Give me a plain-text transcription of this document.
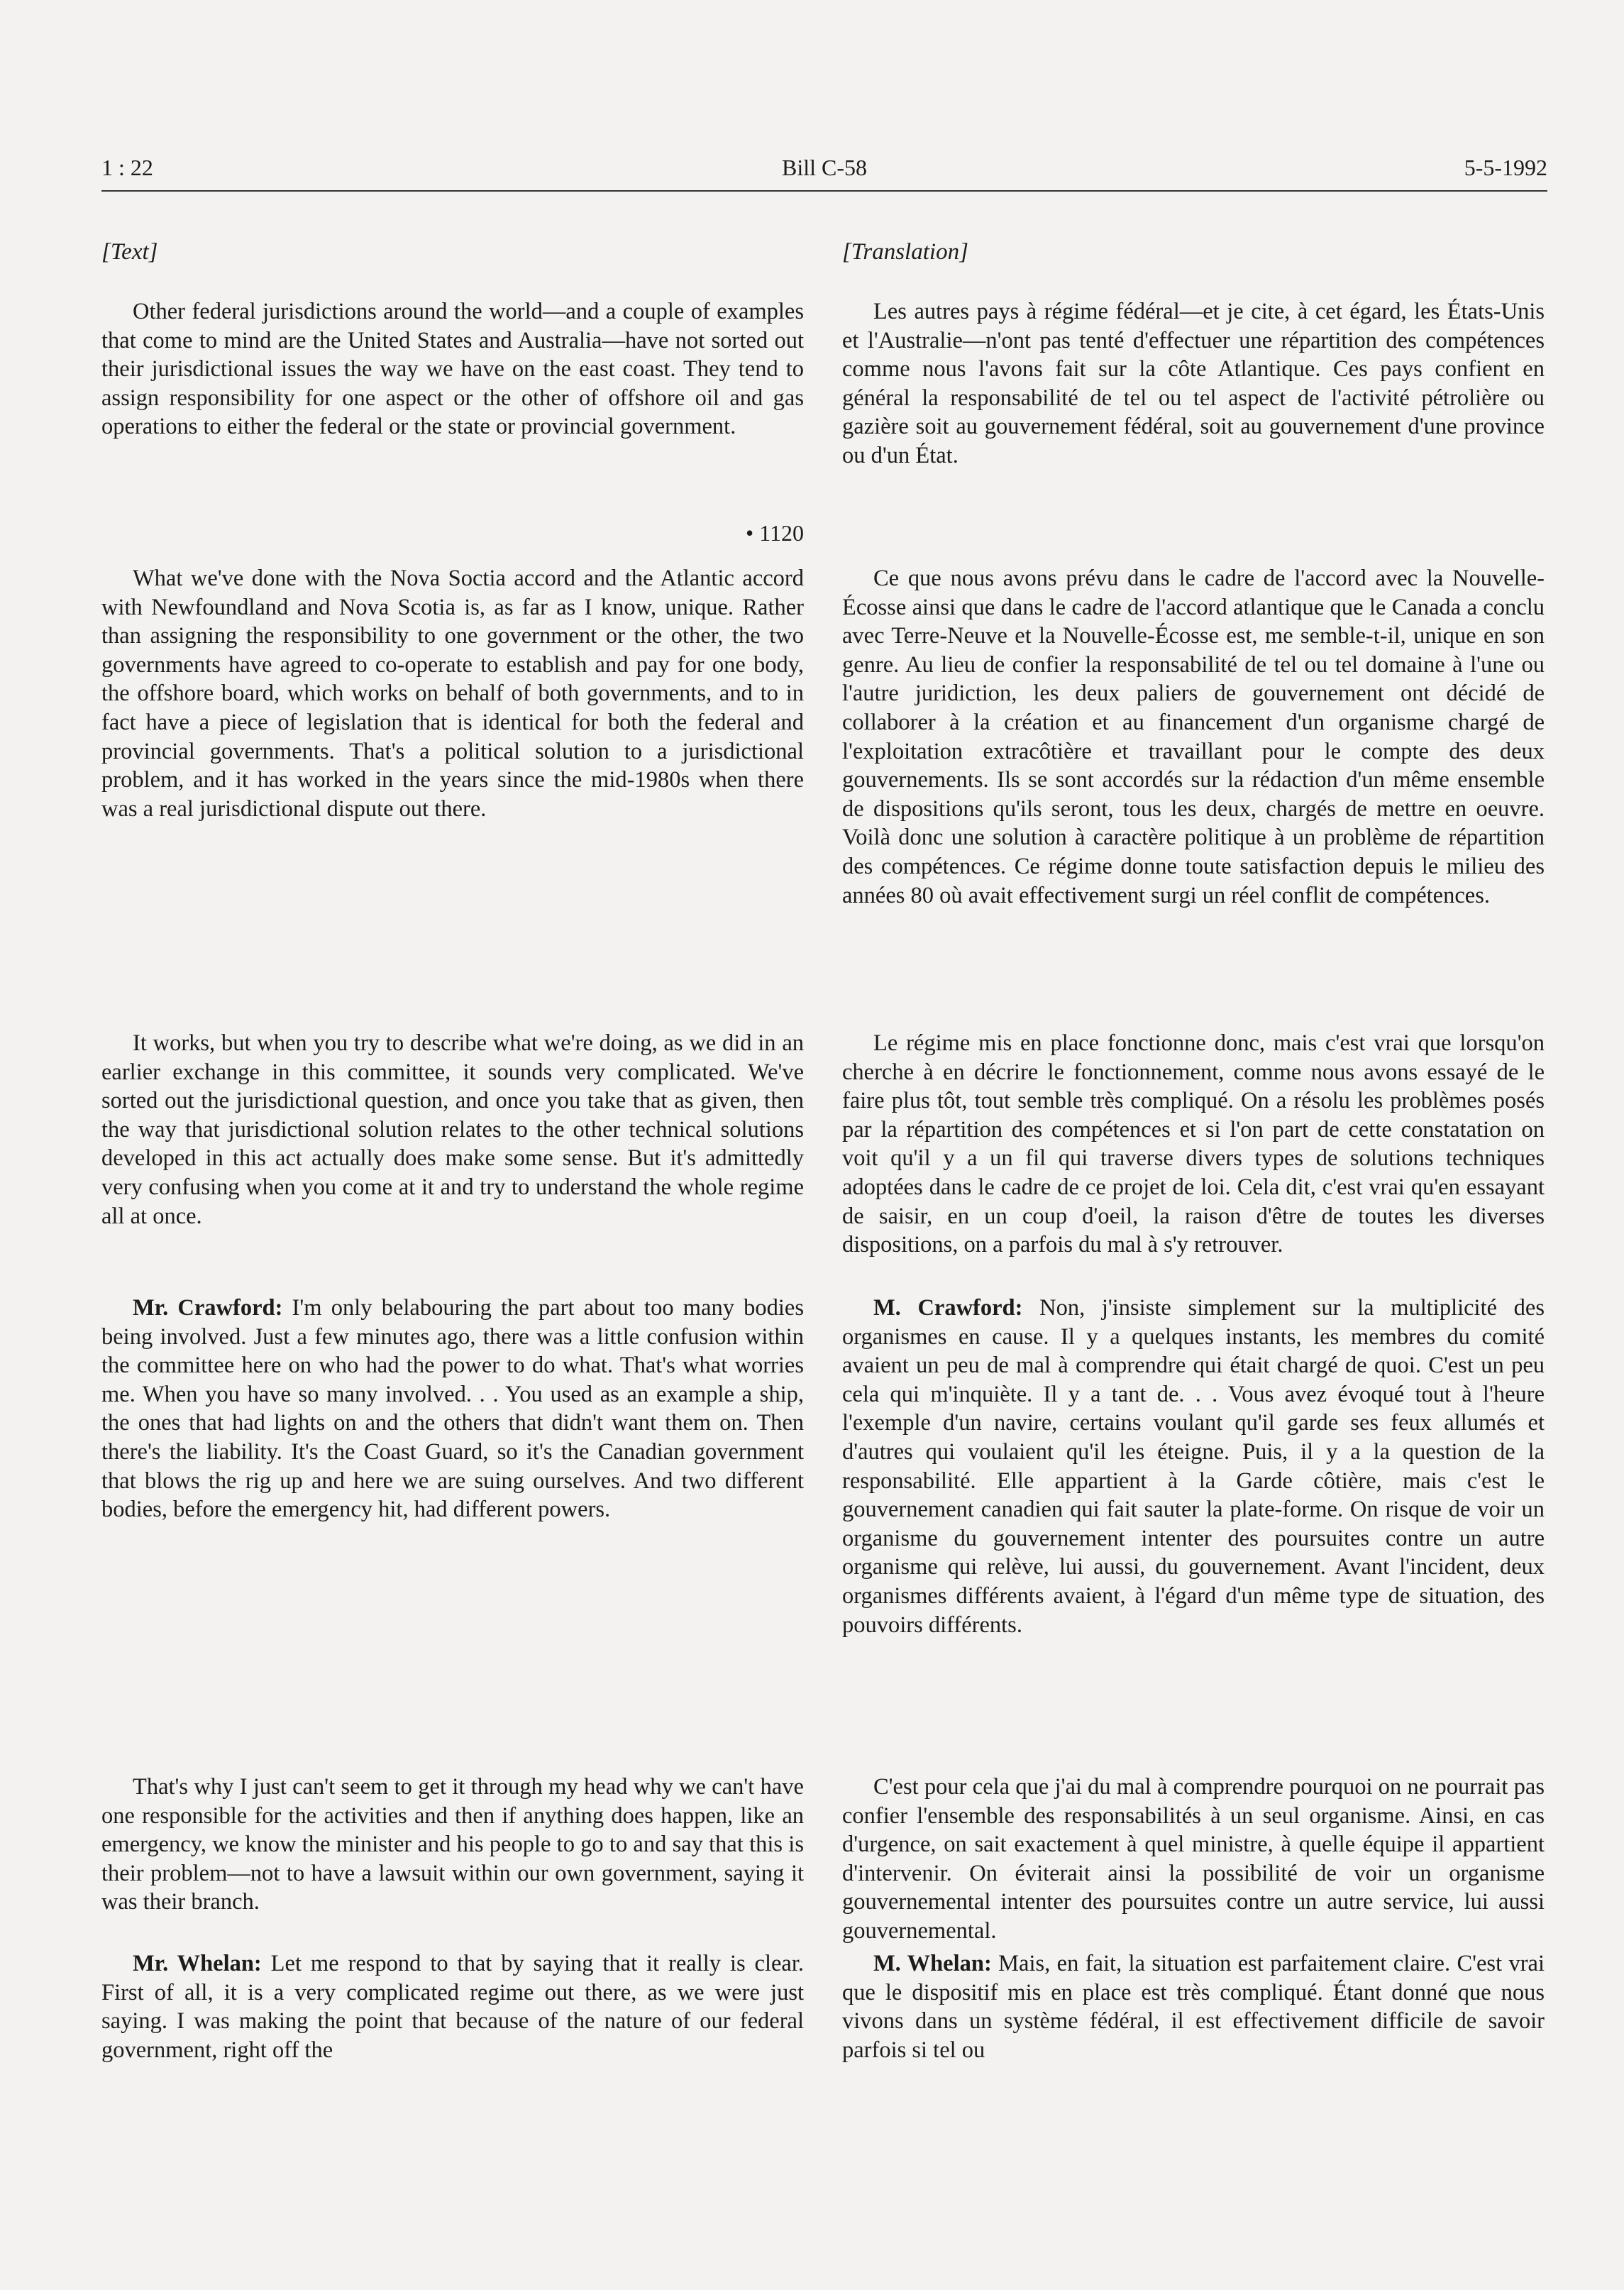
1 : 22	Bill C-58	5-5-1992
[Text]

Other federal jurisdictions around the world—and a couple of examples that come to mind are the United States and Australia—have not sorted out their jurisdictional issues the way we have on the east coast. They tend to assign responsibility for one aspect or the other of offshore oil and gas operations to either the federal or the state or provincial government.

• 1120

What we've done with the Nova Soctia accord and the Atlantic accord with Newfoundland and Nova Scotia is, as far as I know, unique. Rather than assigning the responsibility to one government or the other, the two governments have agreed to co-operate to establish and pay for one body, the offshore board, which works on behalf of both governments, and to in fact have a piece of legislation that is identical for both the federal and provincial governments. That's a political solution to a jurisdictional problem, and it has worked in the years since the mid-1980s when there was a real jurisdictional dispute out there.

It works, but when you try to describe what we're doing, as we did in an earlier exchange in this committee, it sounds very complicated. We've sorted out the jurisdictional question, and once you take that as given, then the way that jurisdictional solution relates to the other technical solutions developed in this act actually does make some sense. But it's admittedly very confusing when you come at it and try to understand the whole regime all at once.

Mr. Crawford: I'm only belabouring the part about too many bodies being involved. Just a few minutes ago, there was a little confusion within the committee here on who had the power to do what. That's what worries me. When you have so many involved. . . You used as an example a ship, the ones that had lights on and the others that didn't want them on. Then there's the liability. It's the Coast Guard, so it's the Canadian government that blows the rig up and here we are suing ourselves. And two different bodies, before the emergency hit, had different powers.

That's why I just can't seem to get it through my head why we can't have one responsible for the activities and then if anything does happen, like an emergency, we know the minister and his people to go to and say that this is their problem—not to have a lawsuit within our own government, saying it was their branch.

Mr. Whelan: Let me respond to that by saying that it really is clear. First of all, it is a very complicated regime out there, as we were just saying. I was making the point that because of the nature of our federal government, right off the

[Translation]

Les autres pays à régime fédéral—et je cite, à cet égard, les États-Unis et l'Australie—n'ont pas tenté d'effectuer une répartition des compétences comme nous l'avons fait sur la côte Atlantique. Ces pays confient en général la responsabilité de tel ou tel aspect de l'activité pétrolière ou gazière soit au gouvernement fédéral, soit au gouvernement d'une province ou d'un État.

Ce que nous avons prévu dans le cadre de l'accord avec la Nouvelle-Écosse ainsi que dans le cadre de l'accord atlantique que le Canada a conclu avec Terre-Neuve et la Nouvelle-Écosse est, me semble-t-il, unique en son genre. Au lieu de confier la responsabilité de tel ou tel domaine à l'une ou l'autre juridiction, les deux paliers de gouvernement ont décidé de collaborer à la création et au financement d'un organisme chargé de l'exploitation extracôtière et travaillant pour le compte des deux gouvernements. Ils se sont accordés sur la rédaction d'un même ensemble de dispositions qu'ils seront, tous les deux, chargés de mettre en oeuvre. Voilà donc une solution à caractère politique à un problème de répartition des compétences. Ce régime donne toute satisfaction depuis le milieu des années 80 où avait effectivement surgi un réel conflit de compétences.

Le régime mis en place fonctionne donc, mais c'est vrai que lorsqu'on cherche à en décrire le fonctionnement, comme nous avons essayé de le faire plus tôt, tout semble très compliqué. On a résolu les problèmes posés par la répartition des compétences et si l'on part de cette constatation on voit qu'il y a un fil qui traverse divers types de solutions techniques adoptées dans le cadre de ce projet de loi. Cela dit, c'est vrai qu'en essayant de saisir, en un coup d'oeil, la raison d'être de toutes les diverses dispositions, on a parfois du mal à s'y retrouver.

M. Crawford: Non, j'insiste simplement sur la multiplicité des organismes en cause. Il y a quelques instants, les membres du comité avaient un peu de mal à comprendre qui était chargé de quoi. C'est un peu cela qui m'inquiète. Il y a tant de. . . Vous avez évoqué tout à l'heure l'exemple d'un navire, certains voulant qu'il garde ses feux allumés et d'autres qui voulaient qu'il les éteigne. Puis, il y a la question de la responsabilité. Elle appartient à la Garde côtière, mais c'est le gouvernement canadien qui fait sauter la plate-forme. On risque de voir un organisme du gouvernement intenter des poursuites contre un autre organisme qui relève, lui aussi, du gouvernement. Avant l'incident, deux organismes différents avaient, à l'égard d'un même type de situation, des pouvoirs différents.

C'est pour cela que j'ai du mal à comprendre pourquoi on ne pourrait pas confier l'ensemble des responsabilités à un seul organisme. Ainsi, en cas d'urgence, on sait exactement à quel ministre, à quelle équipe il appartient d'intervenir. On éviterait ainsi la possibilité de voir un organisme gouvernemental intenter des poursuites contre un autre service, lui aussi gouvernemental.

M. Whelan: Mais, en fait, la situation est parfaitement claire. C'est vrai que le dispositif mis en place est très compliqué. Étant donné que nous vivons dans un système fédéral, il est effectivement difficile de savoir parfois si tel ou
